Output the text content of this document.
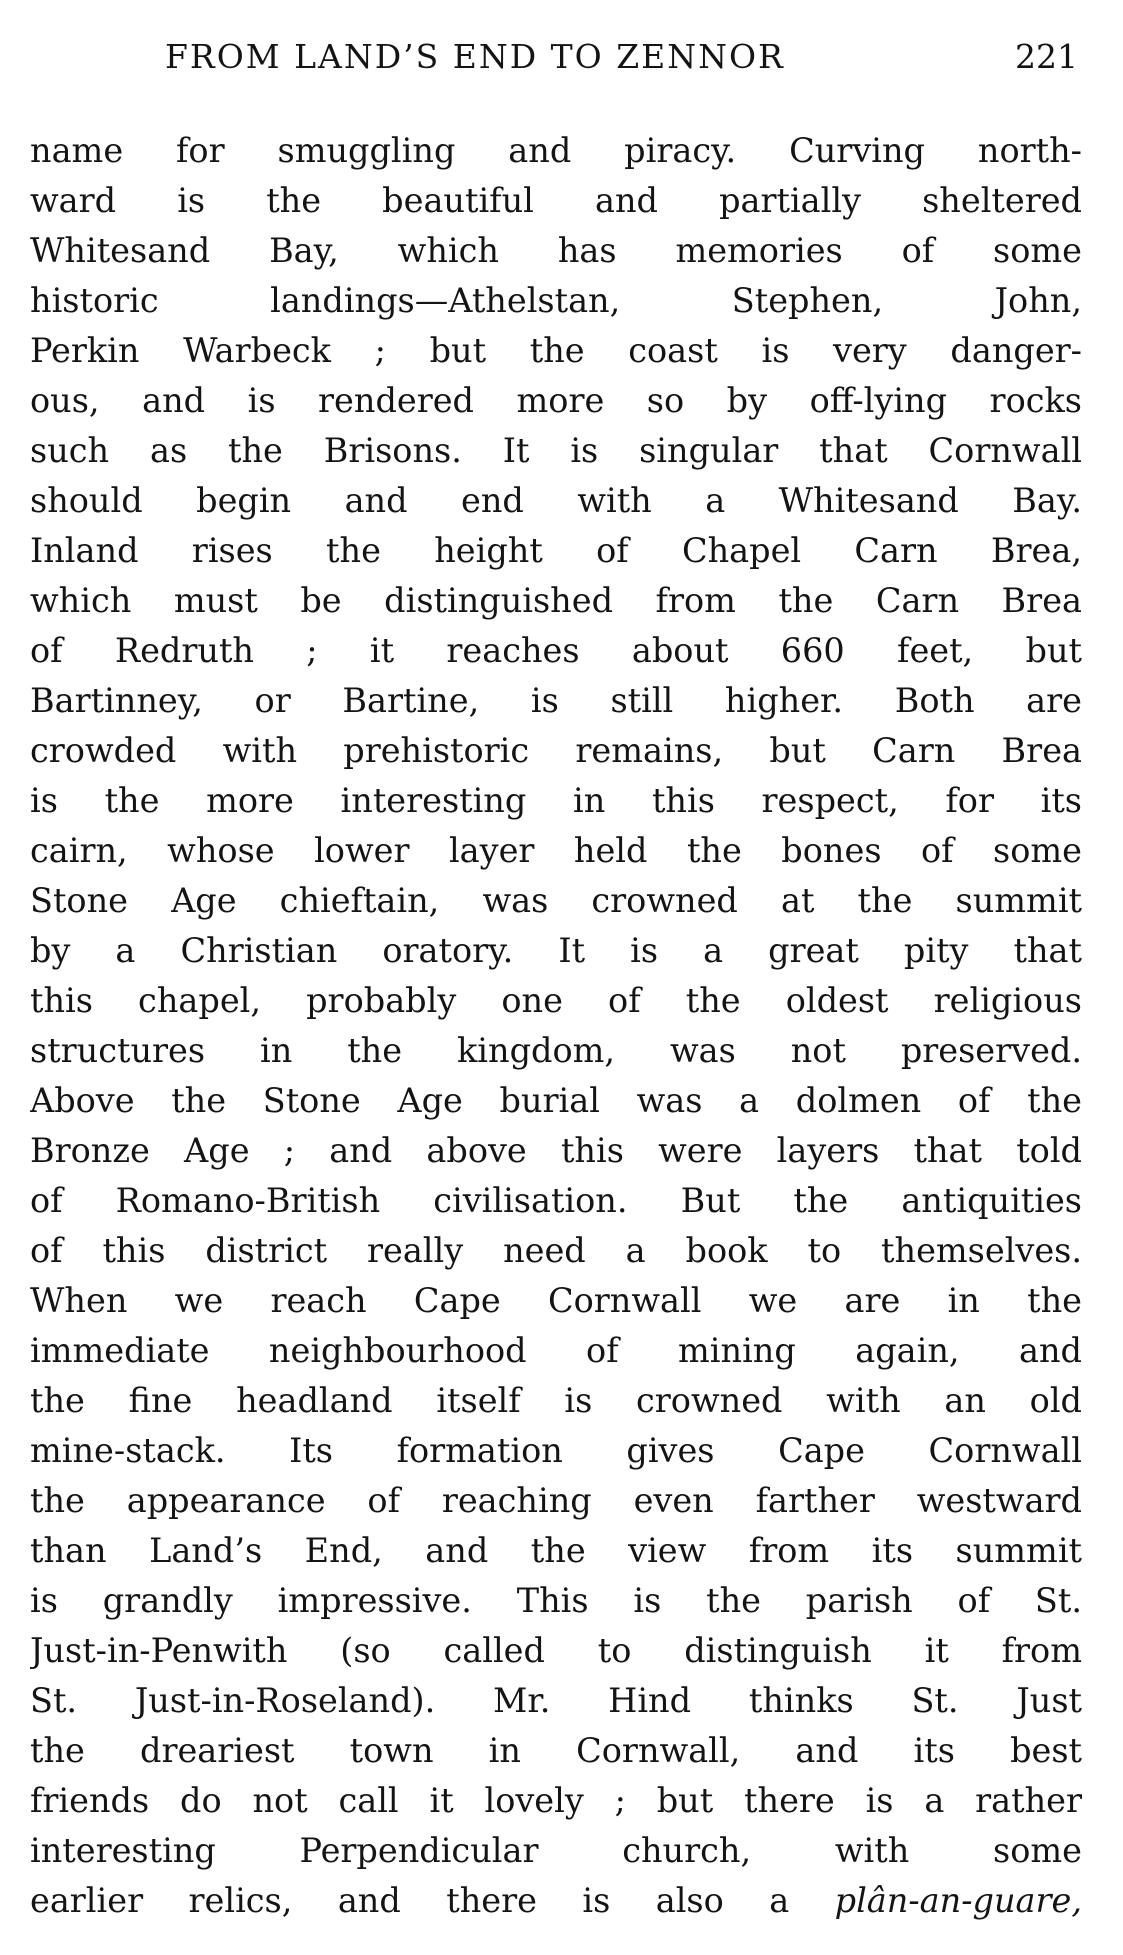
FROM LAND’S END TO ZENNOR	221
name for smuggling and piracy. Curving north-
ward is the beautiful and partially sheltered
Whitesand Bay, which has memories of some
historic landings—Athelstan, Stephen, John,
Perkin Warbeck ; but the coast is very danger-
ous, and is rendered more so by off-lying rocks
such as the Brisons. It is singular that Cornwall
should begin and end with a Whitesand Bay.
Inland rises the height of Chapel Carn Brea,
which must be distinguished from the Carn Brea
of Redruth ; it reaches about 660 feet, but
Bartinney, or Bartine, is still higher. Both are
crowded with prehistoric remains, but Carn Brea
is the more interesting in this respect, for its
cairn, whose lower layer held the bones of some
Stone Age chieftain, was crowned at the summit
by a Christian oratory. It is a great pity that
this chapel, probably one of the oldest religious
structures in the kingdom, was not preserved.
Above the Stone Age burial was a dolmen of the
Bronze Age ; and above this were layers that told
of Romano-British civilisation. But the antiquities
of this district really need a book to themselves.
When we reach Cape Cornwall we are in the
immediate neighbourhood of mining again, and
the fine headland itself is crowned with an old
mine-stack. Its formation gives Cape Cornwall
the appearance of reaching even farther westward
than Land’s End, and the view from its summit
is grandly impressive. This is the parish of St.
Just-in-Penwith (so called to distinguish it from
St. Just-in-Roseland). Mr. Hind thinks St. Just
the dreariest town in Cornwall, and its best
friends do not call it lovely ; but there is a rather
interesting Perpendicular church, with some
earlier relics, and there is also a plân-an-guare,
